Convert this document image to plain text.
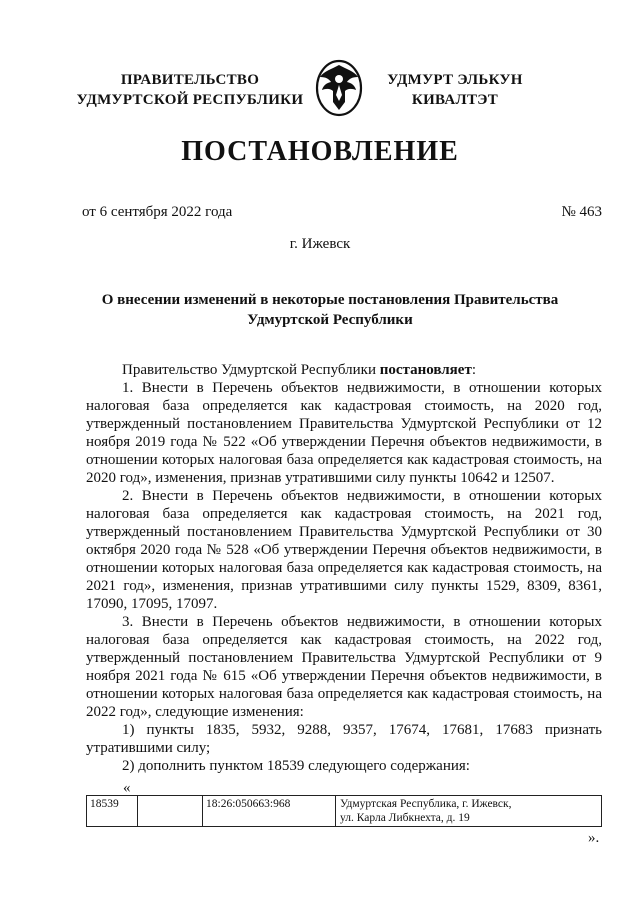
ПРАВИТЕЛЬСТВО
УДМУРТСКОЙ РЕСПУБЛИКИ
УДМУРТ ЭЛЬКУН
КИВАЛТЭТ
ПОСТАНОВЛЕНИЕ
от 6 сентября 2022 года	№ 463
г. Ижевск
О внесении изменений в некоторые постановления Правительства Удмуртской Республики

Правительство Удмуртской Республики постановляет:

1. Внести в Перечень объектов недвижимости, в отношении которых налоговая база определяется как кадастровая стоимость, на 2020 год, утвержденный постановлением Правительства Удмуртской Республики от 12 ноября 2019 года № 522 «Об утверждении Перечня объектов недвижимости, в отношении которых налоговая база определяется как кадастровая стоимость, на 2020 год», изменения, признав утратившими силу пункты 10642 и 12507.

2. Внести в Перечень объектов недвижимости, в отношении которых налоговая база определяется как кадастровая стоимость, на 2021 год, утвержденный постановлением Правительства Удмуртской Республики от 30 октября 2020 года № 528 «Об утверждении Перечня объектов недвижимости, в отношении которых налоговая база определяется как кадастровая стоимость, на 2021 год», изменения, признав утратившими силу пункты 1529, 8309, 8361, 17090, 17095, 17097.

3. Внести в Перечень объектов недвижимости, в отношении которых налоговая база определяется как кадастровая стоимость, на 2022 год, утвержденный постановлением Правительства Удмуртской Республики от 9 ноября 2021 года № 615 «Об утверждении Перечня объектов недвижимости, в отношении которых налоговая база определяется как кадастровая стоимость, на 2022 год», следующие изменения:

1) пункты 1835, 5932, 9288, 9357, 17674, 17681, 17683 признать утратившими силу;

2) дополнить пунктом 18539 следующего содержания:

«
18539		18:26:050663:968	Удмуртская Республика, г. Ижевск,
ул. Карла Либкнехта, д. 19
».
